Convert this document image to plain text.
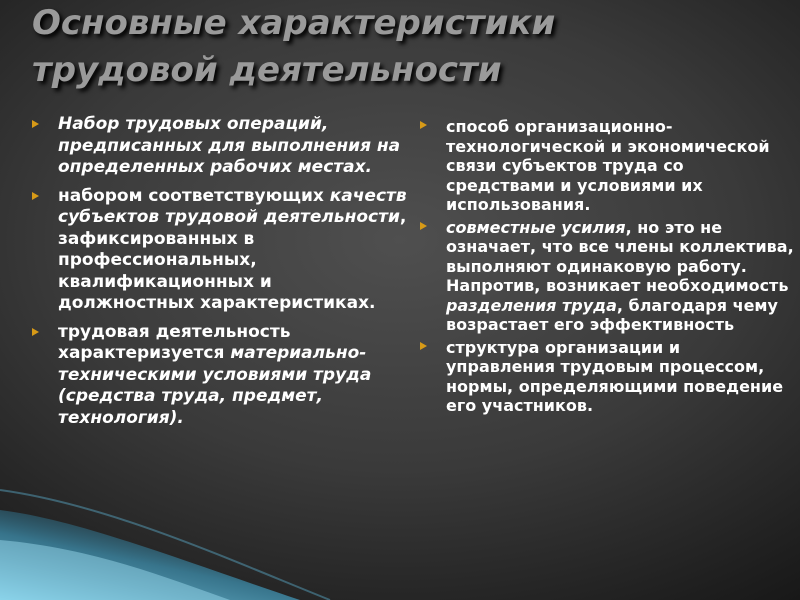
Основные характеристики
трудовой деятельности
Набор трудовых операций, предписанных для выполнения на определенных рабочих местах.
набором соответствующих качеств субъектов трудовой деятельности, зафиксированных в профессиональных, квалификационных и должностных характеристиках.
трудовая деятельность характеризуется материально-техническими условиями труда (средства труда, предмет, технология).
способ организационно-технологической и экономической связи субъектов труда со средствами и условиями их использования.
совместные усилия, но это не означает, что все члены коллектива, выполняют одинаковую работу. Напротив, возникает необходимость разделения труда, благодаря чему возрастает его эффективность
структура организации и управления трудовым процессом, нормы, определяющими поведение его участников.
